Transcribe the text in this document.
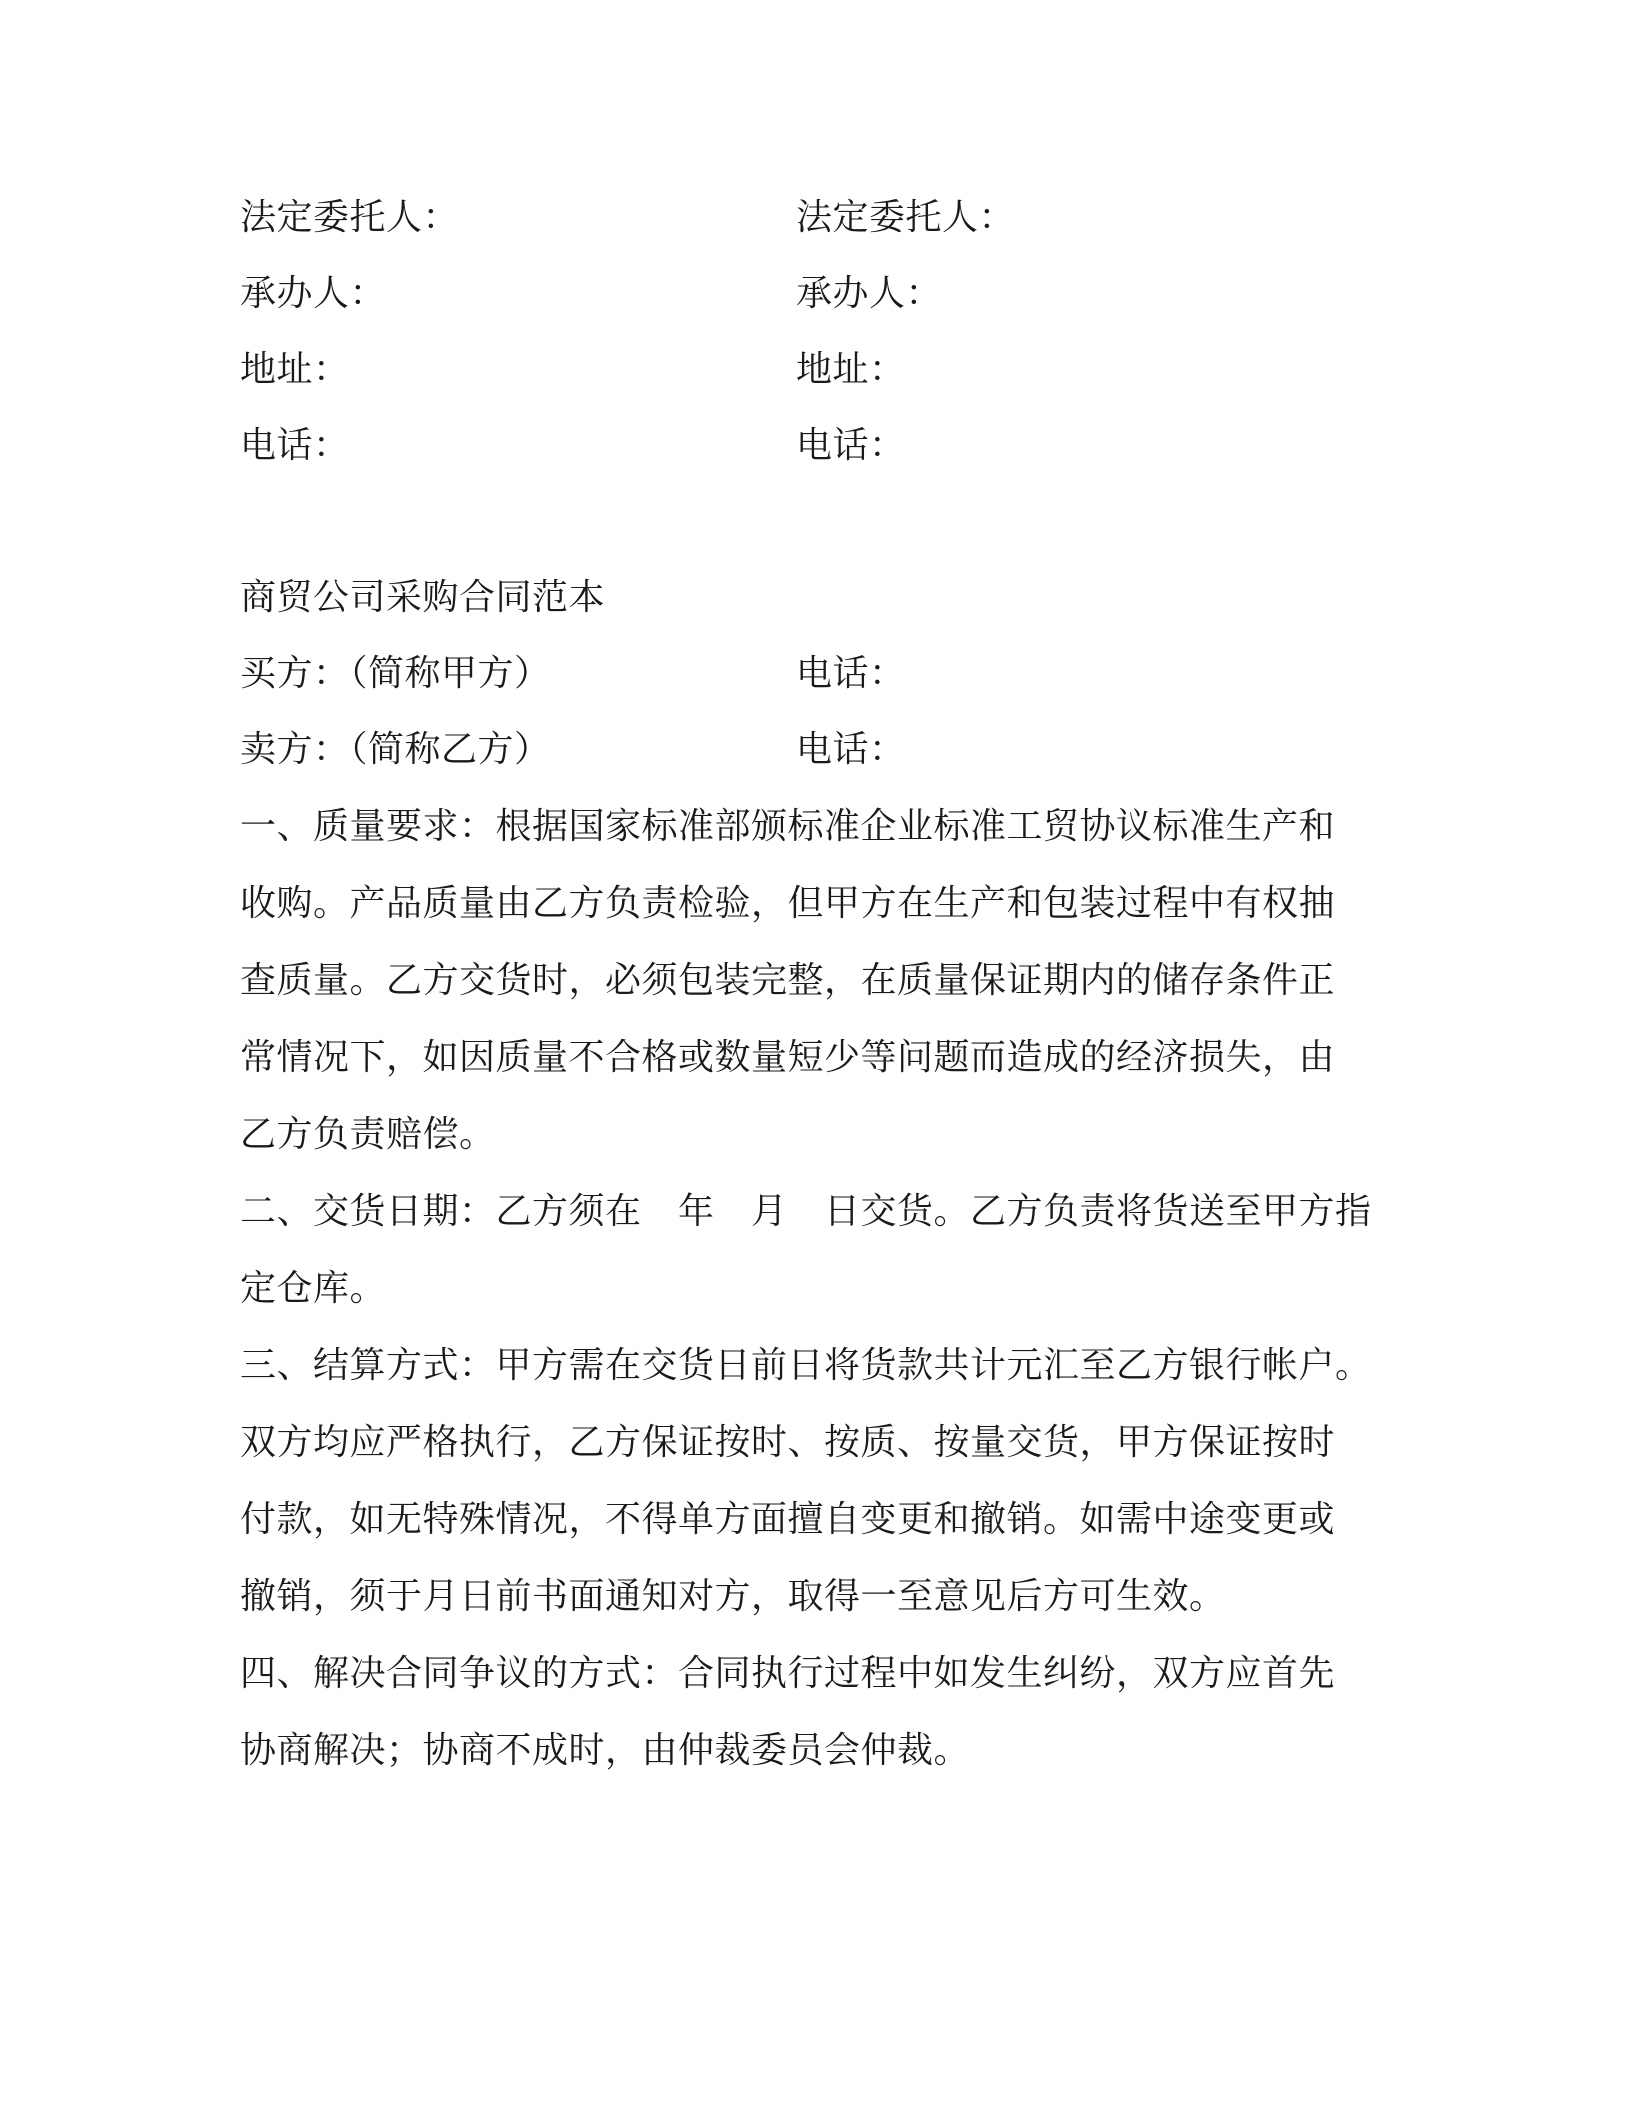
法定委托人：	法定委托人：
承办人：	承办人：
地址：	地址：
电话：	电话：
商贸公司采购合同范本
买方：（简称甲方）	电话：
卖方：（简称乙方）	电话：
一、质量要求：根据国家标准部颁标准企业标准工贸协议标准生产和
收购。产品质量由乙方负责检验，但甲方在生产和包装过程中有权抽
查质量。乙方交货时，必须包装完整，在质量保证期内的储存条件正
常情况下，如因质量不合格或数量短少等问题而造成的经济损失，由
乙方负责赔偿。
二、交货日期：乙方须在　年　月　日交货。乙方负责将货送至甲方指
定仓库。
三、结算方式：甲方需在交货日前日将货款共计元汇至乙方银行帐户。
双方均应严格执行，乙方保证按时、按质、按量交货，甲方保证按时
付款，如无特殊情况，不得单方面擅自变更和撤销。如需中途变更或
撤销，须于月日前书面通知对方，取得一至意见后方可生效。
四、解决合同争议的方式：合同执行过程中如发生纠纷，双方应首先
协商解决；协商不成时，由仲裁委员会仲裁。
